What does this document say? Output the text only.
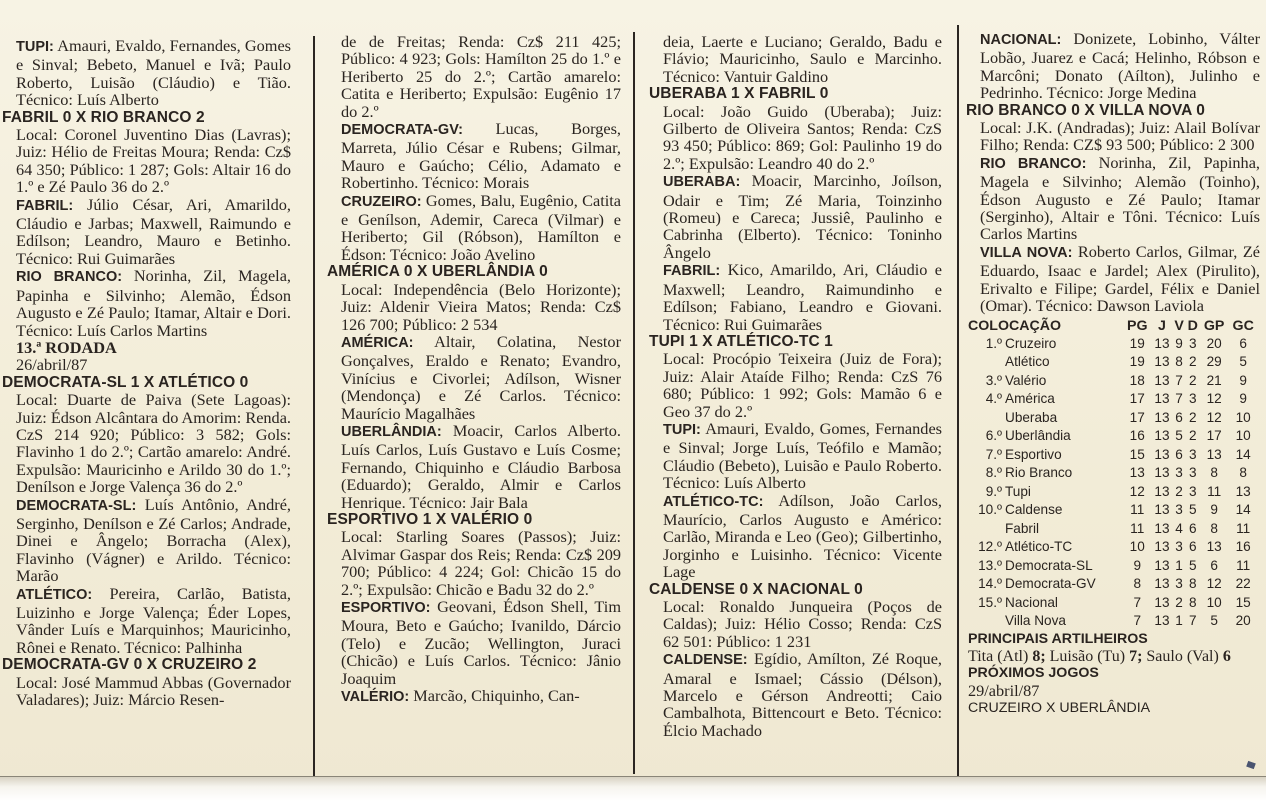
TUPI: Amauri, Evaldo, Fernandes, Gomes e Sinval; Bebeto, Manuel e Ivã; Paulo Roberto, Luisão (Cláudio) e Tião. Técnico: Luís Alberto
FABRIL 0 X RIO BRANCO 2
Local: Coronel Juventino Dias (Lavras); Juiz: Hélio de Freitas Moura; Renda: Cz$ 64 350; Público: 1 287; Gols: Altair 16 do 1.º e Zé Paulo 36 do 2.º
FABRIL: Júlio César, Ari, Amarildo, Cláudio e Jarbas; Maxwell, Raimundo e Edílson; Leandro, Mauro e Betinho. Técnico: Rui Guimarães
RIO BRANCO: Norinha, Zil, Magela, Papinha e Silvinho; Alemão, Édson Augusto e Zé Paulo; Itamar, Altair e Dori. Técnico: Luís Carlos Martins
13.ª RODADA
26/abril/87
DEMOCRATA-SL 1 X ATLÉTICO 0
Local: Duarte de Paiva (Sete Lagoas): Juiz: Édson Alcântara do Amorim: Renda. CzS 214 920; Público: 3 582; Gols: Flavinho 1 do 2.º; Cartão amarelo: André. Expulsão: Mauricinho e Arildo 30 do 1.º; Denílson e Jorge Valença 36 do 2.º
DEMOCRATA-SL: Luís Antônio, André, Serginho, Denílson e Zé Carlos; Andrade, Dinei e Ângelo; Borracha (Alex), Flavinho (Vágner) e Arildo. Técnico: Marão
ATLÉTICO: Pereira, Carlão, Batista, Luizinho e Jorge Valença; Éder Lopes, Vânder Luís e Marquinhos; Mauricinho, Rônei e Renato. Técnico: Palhinha
DEMOCRATA-GV 0 X CRUZEIRO 2
Local: José Mammud Abbas (Governador Valadares); Juiz: Márcio Resen-
de de Freitas; Renda: Cz$ 211 425; Público: 4 923; Gols: Hamílton 25 do 1.º e Heriberto 25 do 2.º; Cartão amarelo: Catita e Heriberto; Expulsão: Eugênio 17 do 2.º
DEMOCRATA-GV: Lucas, Borges, Marreta, Júlio César e Rubens; Gilmar, Mauro e Gaúcho; Célio, Adamato e Robertinho. Técnico: Morais
CRUZEIRO: Gomes, Balu, Eugênio, Catita e Genílson, Ademir, Careca (Vilmar) e Heriberto; Gil (Róbson), Hamílton e Édson: Técnico: João Avelino
AMÉRICA 0 X UBERLÂNDIA 0
Local: Independência (Belo Horizonte); Juiz: Aldenir Vieira Matos; Renda: Cz$ 126 700; Público: 2 534
AMÉRICA: Altair, Colatina, Nestor Gonçalves, Eraldo e Renato; Evandro, Vinícius e Civorlei; Adílson, Wisner (Mendonça) e Zé Carlos. Técnico: Maurício Magalhães
UBERLÂNDIA: Moacir, Carlos Alberto. Luís Carlos, Luís Gustavo e Luís Cosme; Fernando, Chiquinho e Cláudio Barbosa (Eduardo); Geraldo, Almir e Carlos Henrique. Técnico: Jair Bala
ESPORTIVO 1 X VALÉRIO 0
Local: Starling Soares (Passos); Juiz: Alvimar Gaspar dos Reis; Renda: Cz$ 209 700; Público: 4 224; Gol: Chicão 15 do 2.º; Expulsão: Chicão e Badu 32 do 2.º
ESPORTIVO: Geovani, Édson Shell, Tim Moura, Beto e Gaúcho; Ivanildo, Dárcio (Telo) e Zucão; Wellington, Juraci (Chicão) e Luís Carlos. Técnico: Jânio Joaquim
VALÉRIO: Marcão, Chiquinho, Can-
deia, Laerte e Luciano; Geraldo, Badu e Flávio; Mauricinho, Saulo e Marcinho. Técnico: Vantuir Galdino
UBERABA 1 X FABRIL 0
Local: João Guido (Uberaba); Juiz: Gilberto de Oliveira Santos; Renda: CzS 93 450; Público: 869; Gol: Paulinho 19 do 2.º; Expulsão: Leandro 40 do 2.º
UBERABA: Moacir, Marcinho, Joílson, Odair e Tim; Zé Maria, Toinzinho (Romeu) e Careca; Jussiê, Paulinho e Cabrinha (Elberto). Técnico: Toninho Ângelo
FABRIL: Kico, Amarildo, Ari, Cláudio e Maxwell; Leandro, Raimundinho e Edílson; Fabiano, Leandro e Giovani. Técnico: Rui Guimarães
TUPI 1 X ATLÉTICO-TC 1
Local: Procópio Teixeira (Juiz de Fora); Juiz: Alair Ataíde Filho; Renda: CzS 76 680; Público: 1 992; Gols: Mamão 6 e Geo 37 do 2.º
TUPI: Amauri, Evaldo, Gomes, Fernandes e Sinval; Jorge Luís, Teófilo e Mamão; Cláudio (Bebeto), Luisão e Paulo Roberto. Técnico: Luís Alberto
ATLÉTICO-TC: Adílson, João Carlos, Maurício, Carlos Augusto e Américo: Carlão, Miranda e Leo (Geo); Gilbertinho, Jorginho e Luisinho. Técnico: Vicente Lage
CALDENSE 0 X NACIONAL 0
Local: Ronaldo Junqueira (Poços de Caldas); Juiz: Hélio Cosso; Renda: CzS 62 501: Público: 1 231
CALDENSE: Egídio, Amílton, Zé Roque, Amaral e Ismael; Cássio (Délson), Marcelo e Gérson Andreotti; Caio Cambalhota, Bittencourt e Beto. Técnico: Élcio Machado
NACIONAL: Donizete, Lobinho, Válter Lobão, Juarez e Cacá; Helinho, Róbson e Marcôni; Donato (Aílton), Julinho e Pedrinho. Técnico: Jorge Medina
RIO BRANCO 0 X VILLA NOVA 0
Local: J.K. (Andradas); Juiz: Alail Bolívar Filho; Renda: CZ$ 93 500; Público: 2 300
RIO BRANCO: Norinha, Zil, Papinha, Magela e Silvinho; Alemão (Toinho), Édson Augusto e Zé Paulo; Itamar (Serginho), Altair e Tôni. Técnico: Luís Carlos Martins
VILLA NOVA: Roberto Carlos, Gilmar, Zé Eduardo, Isaac e Jardel; Alex (Pirulito), Erivalto e Filipe; Gardel, Félix e Daniel (Omar). Técnico: Dawson Laviola
COLOCAÇÃO		PG	J	V	D	GP	GC
1.º	Cruzeiro	19	13	9	3	20	6
	Atlético	19	13	8	2	29	5
3.º	Valério	18	13	7	2	21	9
4.º	América	17	13	7	3	12	9
	Uberaba	17	13	6	2	12	10
6.º	Uberlândia	16	13	5	2	17	10
7.º	Esportivo	15	13	6	3	13	14
8.º	Rio Branco	13	13	3	3	8	8
9.º	Tupi	12	13	2	3	11	13
10.º	Caldense	11	13	3	5	9	14
	Fabril	11	13	4	6	8	11
12.º	Atlético-TC	10	13	3	6	13	16
13.º	Democrata-SL	9	13	1	5	6	11
14.º	Democrata-GV	8	13	3	8	12	22
15.º	Nacional	7	13	2	8	10	15
	Villa Nova	7	13	1	7	5	20
PRINCIPAIS ARTILHEIROS
Tita (Atl) 8; Luisão (Tu) 7; Saulo (Val) 6
PRÓXIMOS JOGOS
29/abril/87
CRUZEIRO X UBERLÂNDIA
